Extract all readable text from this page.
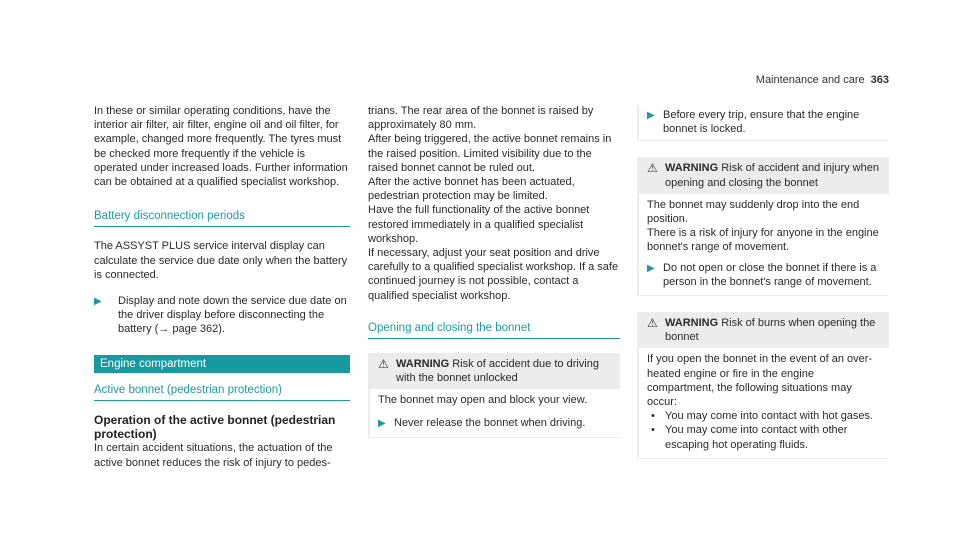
Maintenance and care 363

In these or similar operating conditions, have the interior air filter, air filter, engine oil and oil filter, for example, changed more frequently. The tyres must be checked more frequently if the vehicle is operated under increased loads. Further information can be obtained at a qualified specialist workshop.

Battery disconnection periods

The ASSYST PLUS service interval display can calculate the service due date only when the battery is connected.

▶	Display and note down the service due date on the driver display before disconnecting the battery (→ page 362).

Engine compartment

Active bonnet (pedestrian protection)

Operation of the active bonnet (pedestrian protection)

In certain accident situations, the actuation of the active bonnet reduces the risk of injury to pedes-

trians. The rear area of the bonnet is raised by approximately 80 mm.

After being triggered, the active bonnet remains in the raised position. Limited visibility due to the raised bonnet cannot be ruled out.

After the active bonnet has been actuated, pedestrian protection may be limited.

Have the full functionality of the active bonnet restored immediately in a qualified specialist workshop.

If necessary, adjust your seat position and drive carefully to a qualified specialist workshop. If a safe continued journey is not possible, contact a qualified specialist workshop.

Opening and closing the bonnet

⚠ WARNING Risk of accident due to driving with the bonnet unlocked

The bonnet may open and block your view.

▶ Never release the bonnet when driving.
▶ Before every trip, ensure that the engine bonnet is locked.
⚠ WARNING Risk of accident and injury when opening and closing the bonnet

The bonnet may suddenly drop into the end position.

There is a risk of injury for anyone in the engine bonnet's range of movement.

▶ Do not open or close the bonnet if there is a person in the bonnet's range of movement.
⚠ WARNING Risk of burns when opening the bonnet

If you open the bonnet in the event of an over-heated engine or fire in the engine compartment, the following situations may occur:

• You may come into contact with hot gases.
• You may come into contact with other escaping hot operating fluids.
